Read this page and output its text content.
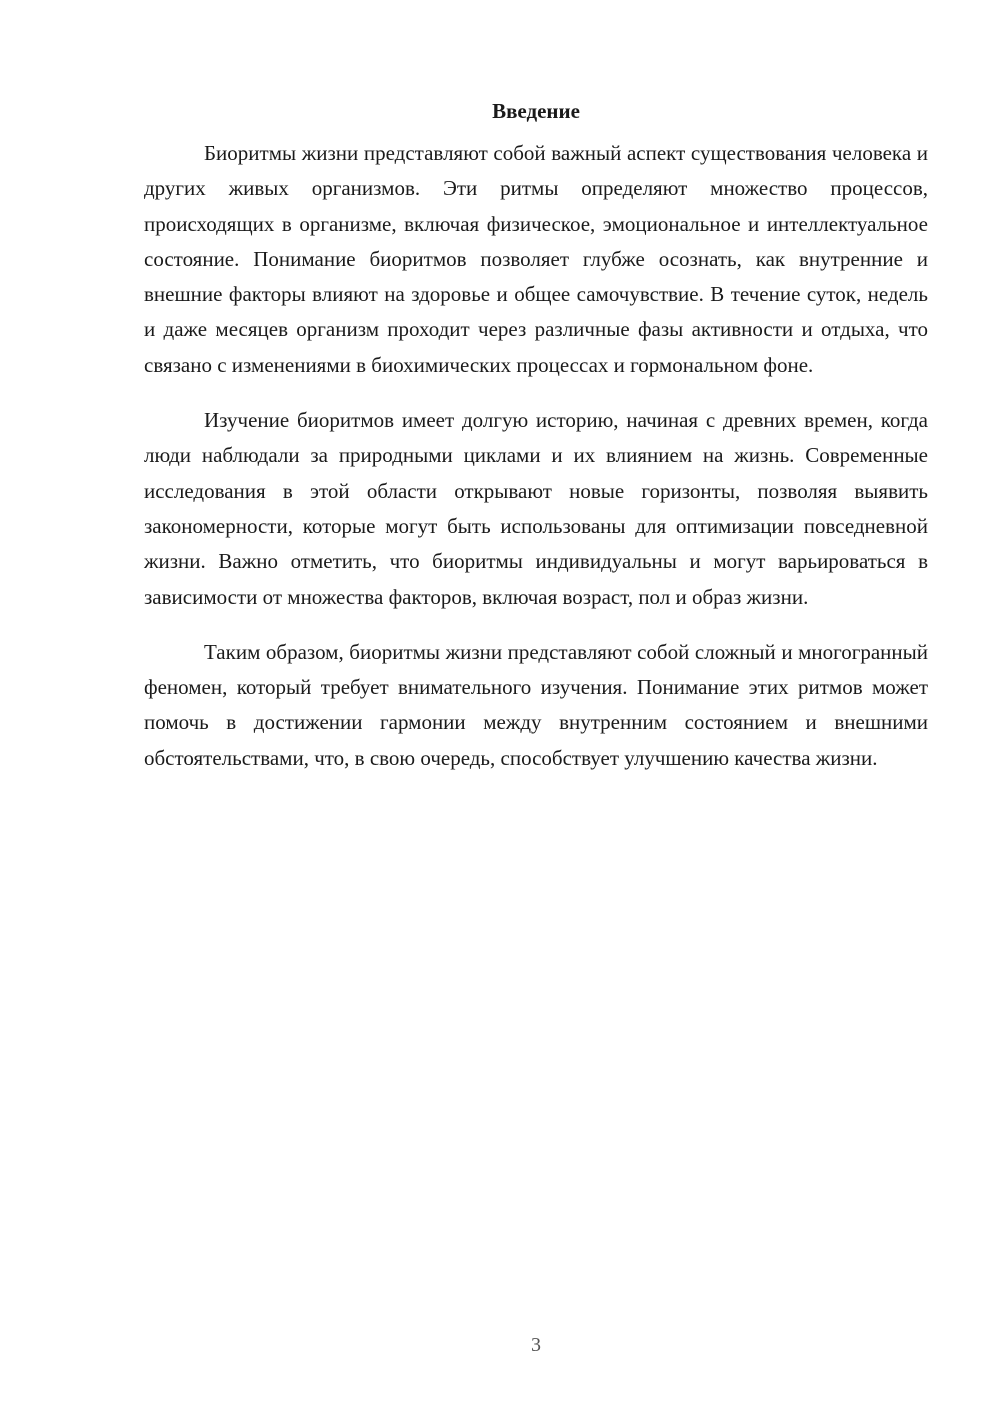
Введение

Биоритмы жизни представляют собой важный аспект существования человека и других живых организмов. Эти ритмы определяют множество процессов, происходящих в организме, включая физическое, эмоциональное и интеллектуальное состояние. Понимание биоритмов позволяет глубже осознать, как внутренние и внешние факторы влияют на здоровье и общее самочувствие. В течение суток, недель и даже месяцев организм проходит через различные фазы активности и отдыха, что связано с изменениями в биохимических процессах и гормональном фоне.

Изучение биоритмов имеет долгую историю, начиная с древних времен, когда люди наблюдали за природными циклами и их влиянием на жизнь. Современные исследования в этой области открывают новые горизонты, позволяя выявить закономерности, которые могут быть использованы для оптимизации повседневной жизни. Важно отметить, что биоритмы индивидуальны и могут варьироваться в зависимости от множества факторов, включая возраст, пол и образ жизни.

Таким образом, биоритмы жизни представляют собой сложный и многогранный феномен, который требует внимательного изучения. Понимание этих ритмов может помочь в достижении гармонии между внутренним состоянием и внешними обстоятельствами, что, в свою очередь, способствует улучшению качества жизни.

3
